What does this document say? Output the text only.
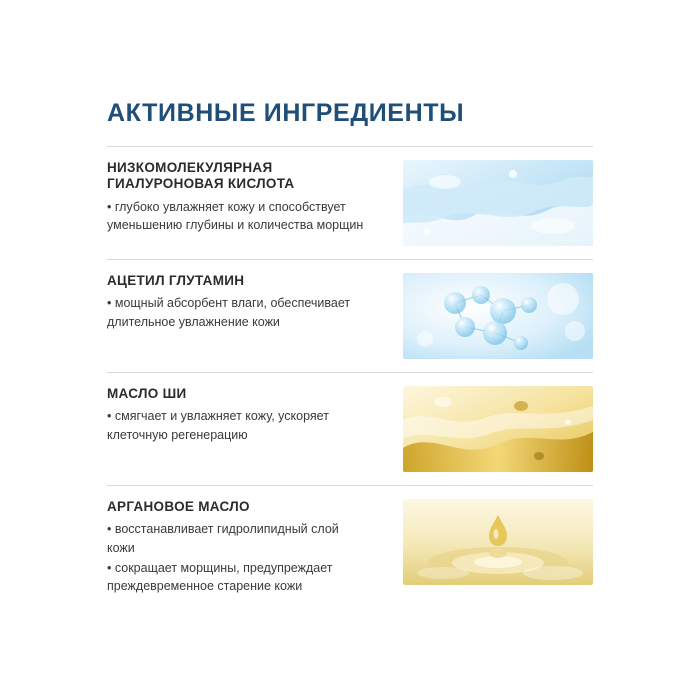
АКТИВНЫЕ ИНГРЕДИЕНТЫ

НИЗКОМОЛЕКУЛЯРНАЯ ГИАЛУРОНОВАЯ КИСЛОТА

• глубоко увлажняет кожу и способствует уменьшению глубины и количества морщин

АЦЕТИЛ ГЛУТАМИН

• мощный абсорбент влаги, обеспечивает длительное увлажнение кожи

МАСЛО ШИ

• смягчает и увлажняет кожу, ускоряет клеточную регенерацию

АРГАНОВОЕ МАСЛО

• восстанавливает гидролипидный слой кожи
• сокращает морщины, предупреждает преждевременное старение кожи
